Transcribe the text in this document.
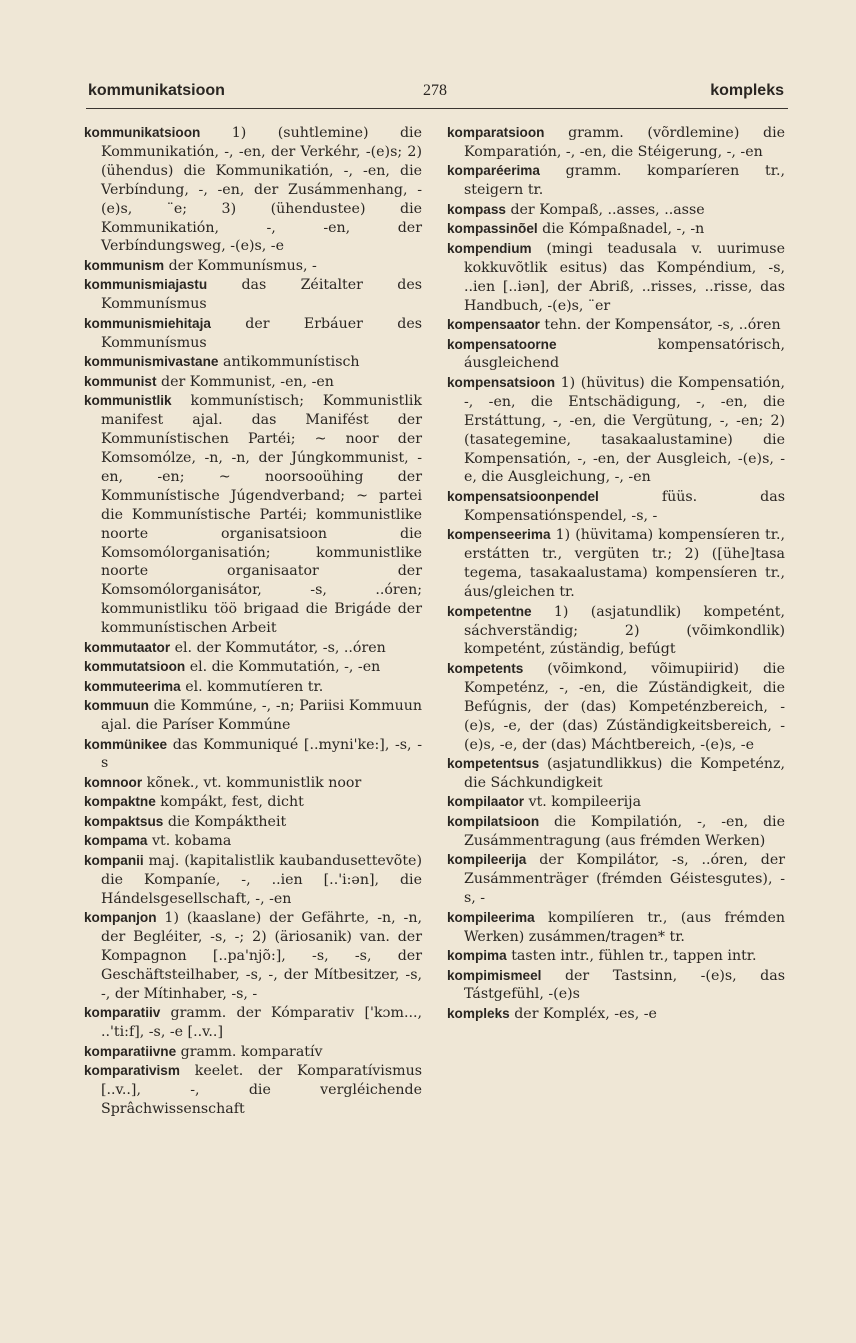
kommunikatsioon	278	kompleks

kommunikatsioon 1) (suhtlemine) die Kommunikatión, -, -en, der Verkéhr, -(e)s; 2) (ühendus) die Kommunikatión, -, -en, die Verbíndung, -, -en, der Zusámmenhang, -(e)s, ¨e; 3) (ühendustee) die Kommunikatión, -, -en, der Verbíndungsweg, -(e)s, -e

kommunism der Kommunísmus, -

kommunismiajastu das Zéitalter des Kommunísmus

kommunismiehitaja der Erbáuer des Kommunísmus

kommunismivastane antikommunístisch

kommunist der Kommunist, -en, -en

kommunistlik kommunístisch; Kommunistlik manifest ajal. das Manifést der Kommunístischen Partéi; ~ noor der Komsomólze, -n, -n, der Júngkommunist, -en, -en; ~ noorsooühing der Kommunístische Júgendverband; ~ partei die Kommunístische Partéi; kommunistlike noorte organisatsioon die Komsomólorganisatión; kommunistlike noorte organisaator der Komsomólorganisátor, -s, ..óren; kommunistliku töö brigaad die Brigáde der kommunístischen Arbeit

kommutaator el. der Kommutátor, -s, ..óren

kommutatsioon el. die Kommutatión, -, -en

kommuteerima el. kommutíeren tr.

kommuun die Kommúne, -, -n; Pariisi Kommuun ajal. die Paríser Kommúne

kommünikee das Kommuniqué [..myni'ke:], -s, -s

komnoor kõnek., vt. kommunistlik noor

kompaktne kompákt, fest, dicht

kompaktsus die Kompáktheit

kompama vt. kobama

kompanii maj. (kapitalistlik kaubandusettevõte) die Kompaníe, -, ..ien [..'i:ən], die Hándelsgesellschaft, -, -en

kompanjon 1) (kaaslane) der Gefährte, -n, -n, der Begléiter, -s, -; 2) (äriosanik) van. der Kompagnon [..pa'njõ:], -s, -s, der Geschäftsteilhaber, -s, -, der Mítbesitzer, -s, -, der Mítinhaber, -s, -

komparatiiv gramm. der Kómparativ ['kɔm..., ..'ti:f], -s, -e [..v..]

komparatiivne gramm. komparatív

komparativism keelet. der Komparatívismus [..v..], -, die vergléichende Sprâchwissenschaft

komparatsioon gramm. (võrdlemine) die Komparatión, -, -en, die Stéigerung, -, -en

komparéerima gramm. komparíeren tr., steigern tr.

kompass der Kompaß, ..asses, ..asse

kompassinõel die Kómpaßnadel, -, -n

kompendium (mingi teadusala v. uurimuse kokkuvõtlik esitus) das Kompéndium, -s, ..ien [..iən], der Abriß, ..risses, ..risse, das Handbuch, -(e)s, ¨er

kompensaator tehn. der Kompensátor, -s, ..óren

kompensatoorne kompensatórisch, áusgleichend

kompensatsioon 1) (hüvitus) die Kompensatión, -, -en, die Entschädigung, -, -en, die Erstáttung, -, -en, die Vergütung, -, -en; 2) (tasategemine, tasakaalustamine) die Kompensatión, -, -en, der Ausgleich, -(e)s, -e, die Ausgleichung, -, -en

kompensatsioonpendel füüs. das Kompensatiónspendel, -s, -

kompenseerima 1) (hüvitama) kompensíeren tr., erstátten tr., vergüten tr.; 2) ([ühe]tasa tegema, tasakaalustama) kompensíeren tr., áus/gleichen tr.

kompetentne 1) (asjatundlik) kompetént, sáchverständig; 2) (võimkondlik) kompetént, zúständig, befúgt

kompetents (võimkond, võimupiirid) die Kompeténz, -, -en, die Zúständigkeit, die Befúgnis, der (das) Kompeténzbereich, -(e)s, -e, der (das) Zúständigkeitsbereich, -(e)s, -e, der (das) Máchtbereich, -(e)s, -e

kompetentsus (asjatundlikkus) die Kompeténz, die Sáchkundigkeit

kompilaator vt. kompileerija

kompilatsioon die Kompilatión, -, -en, die Zusámmentragung (aus frémden Werken)

kompileerija der Kompilátor, -s, ..óren, der Zusámmenträger (frémden Géistesgutes), -s, -

kompileerima kompilíeren tr., (aus frémden Werken) zusámmen/tragen* tr.

kompima tasten intr., fühlen tr., tappen intr.

kompimismeel der Tastsinn, -(e)s, das Tástgefühl, -(e)s

kompleks der Kompléx, -es, -e
